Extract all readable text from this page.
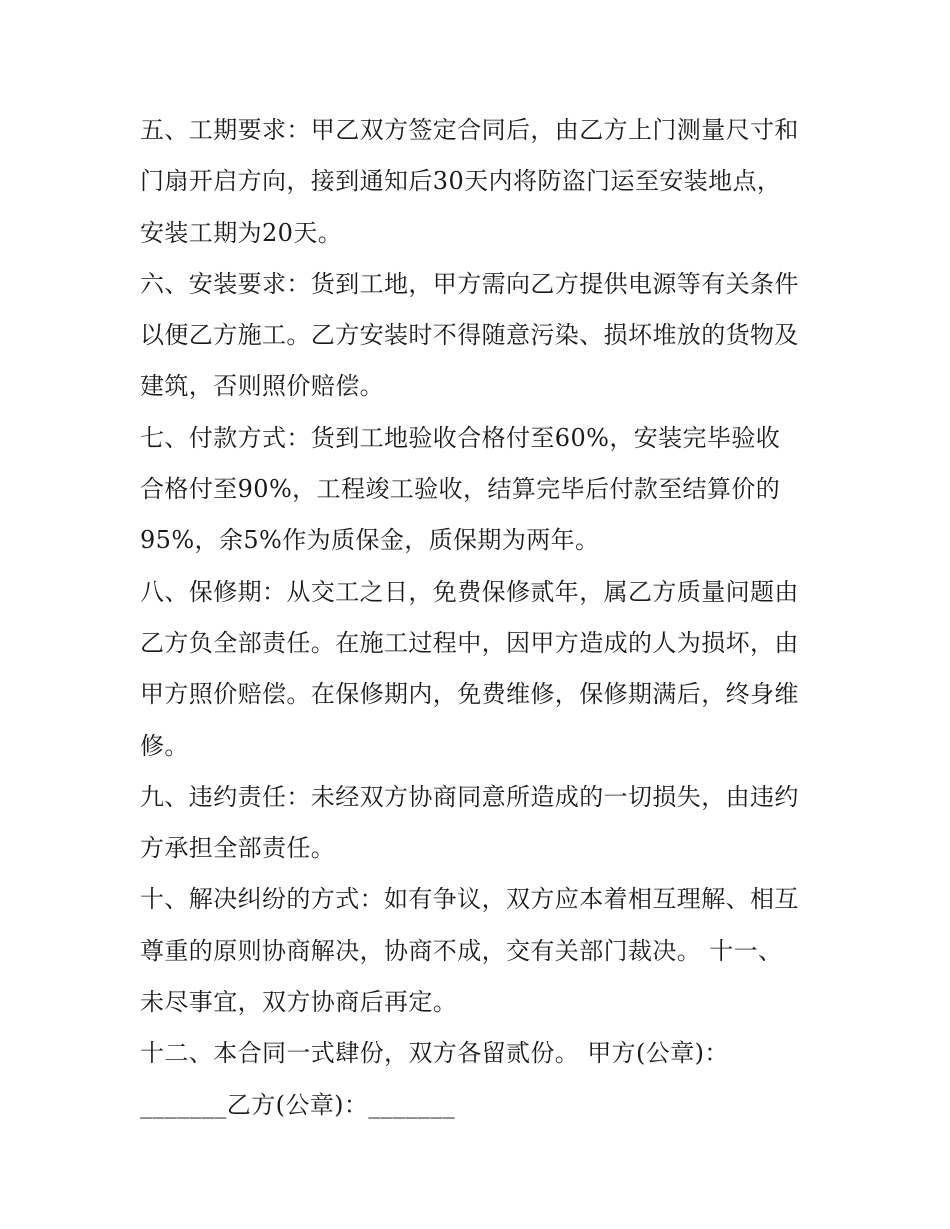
五、工期要求：甲乙双方签定合同后，由乙方上门测量尺寸和
门扇开启方向，接到通知后30天内将防盗门运至安装地点，
安装工期为20天。
六、安装要求：货到工地，甲方需向乙方提供电源等有关条件
以便乙方施工。乙方安装时不得随意污染、损坏堆放的货物及
建筑，否则照价赔偿。
七、付款方式：货到工地验收合格付至60%，安装完毕验收
合格付至90%，工程竣工验收，结算完毕后付款至结算价的
95%，余5%作为质保金，质保期为两年。
八、保修期：从交工之日，免费保修贰年，属乙方质量问题由
乙方负全部责任。在施工过程中，因甲方造成的人为损坏，由
甲方照价赔偿。在保修期内，免费维修，保修期满后，终身维
修。
九、违约责任：未经双方协商同意所造成的一切损失，由违约
方承担全部责任。
十、解决纠纷的方式：如有争议，双方应本着相互理解、相互
尊重的原则协商解决，协商不成，交有关部门裁决。 十一、
未尽事宜，双方协商后再定。
十二、本合同一式肆份，双方各留贰份。 甲方(公章)：
_______乙方(公章)：_______
